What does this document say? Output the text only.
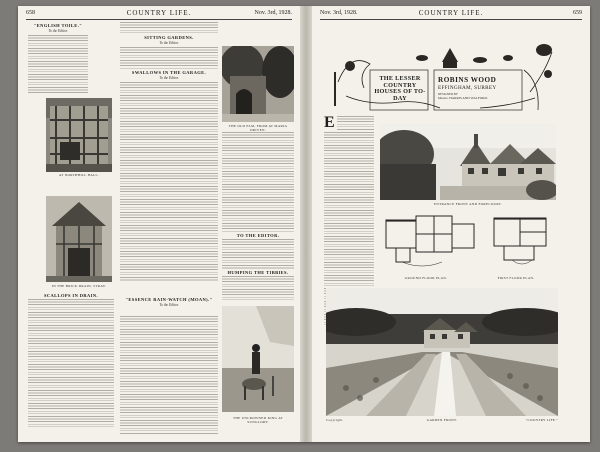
658	COUNTRY LIFE.	Nov. 3rd, 1928.
"ENGLISH TOILE."
To the Editor.
AT NORTHHILL HALL.
IN THE BRICK DRAIN, STRAY.
SCALLOPS IN DRAIN.
SITTING GARDENS.
To the Editor.
SWALLOWS IN THE GARAGE.
To the Editor.
"ESSENCE RAIN-WATCH (MOAN)."
To the Editor.
THE OLD ELM, FROM AT MARIA DRIVEN.
TO THE EDITOR.
HUMPING THE TIBBIES.
THE UNCROWNED KING AT SUNGLORY.
Nov. 3rd, 1928.	COUNTRY LIFE.	659
THE LESSER COUNTRY HOUSES OF TO-DAY
ROBINS WOOD
EFFINGHAM, SURREY
DESIGNED BY
Messrs. HARRIS AND WALFORD.
E
ENTRANCE FRONT AND FORECOURT.
GROUND FLOOR PLAN.	FIRST FLOOR PLAN.
Copyright.	GARDEN FRONT.	"COUNTRY LIFE."
